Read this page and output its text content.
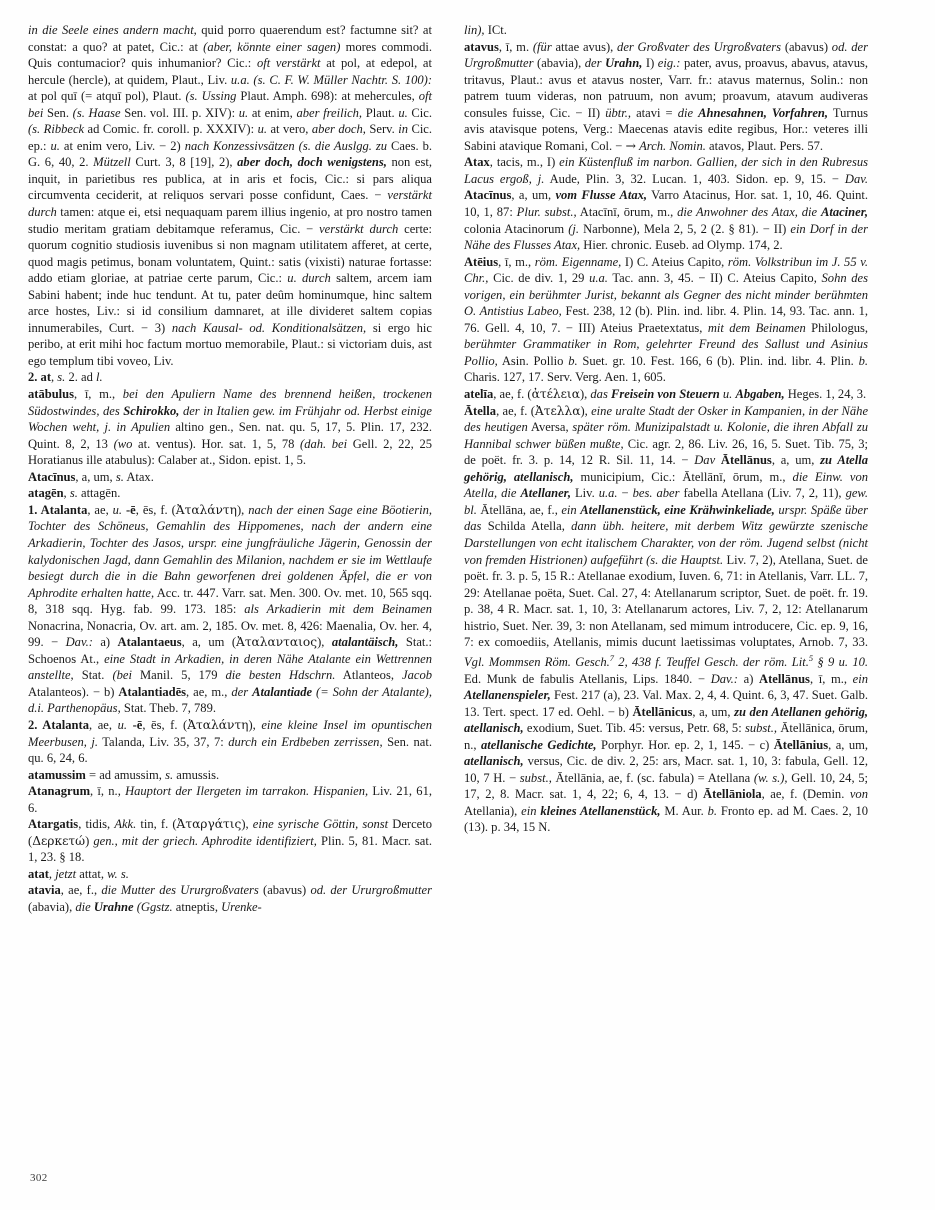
in die Seele eines andern macht, quid porro quaerendum est? factumne sit? at constat: a quo? at patet, Cic.: at (aber, könnte einer sagen) mores commodi. Quis contumacior? quis inhumanior? Cic.: oft verstärkt at pol, at edepol, at hercule (hercle), at quidem, Plaut., Liv. u.a. (s. C. F. W. Müller Nachtr. S. 100): at pol quī (= atquī pol), Plaut. (s. Ussing Plaut. Amph. 698): at mehercules, oft bei Sen. (s. Haase Sen. vol. III. p. XIV): u. at enim, aber freilich, Plaut. u. Cic. (s. Ribbeck ad Comic. fr. coroll. p. XXXIV): u. at vero, aber doch, Serv. in Cic. ep.: u. at enim vero, Liv. − 2) nach Konzessivsätzen (s. die Auslgg. zu Caes. b. G. 6, 40, 2. Mützell Curt. 3, 8 [19], 2), aber doch, doch wenigstens, non est, inquit, in parietibus res publica, at in aris et focis, Cic.: si pars aliqua circumventa ceciderit, at reliquos servari posse confidunt, Caes. − verstärkt durch tamen: atque ei, etsi nequaquam parem illius ingenio, at pro nostro tamen studio meritam gratiam debitamque referamus, Cic. − verstärkt durch certe: quorum cognitio studiosis iuvenibus si non magnam utilitatem afferet, at certe, quod magis petimus, bonam voluntatem, Quint.: satis (vixisti) naturae fortasse: addo etiam gloriae, at patriae certe parum, Cic.: u. durch saltem, arcem iam Sabini habent; inde huc tendunt. At tu, pater deûm hominumque, hinc saltem arce hostes, Liv.: si id consilium damnaret, at ille divideret saltem copias innumerabiles, Curt. − 3) nach Kausal- od. Konditionalsätzen, si ergo hic peribo, at erit mihi hoc factum mortuo memorabile, Plaut.: si victoriam duis, ast ego templum tibi voveo, Liv.

2. at, s. 2. ad l.

atābulus, ī, m., bei den Apuliern Name des brennend heißen, trockenen Südostwindes, des Schirokko, der in Italien gew. im Frühjahr od. Herbst einige Wochen weht, j. in Apulien altino gen., Sen. nat. qu. 5, 17, 5. Plin. 17, 232. Quint. 8, 2, 13 (wo at. ventus). Hor. sat. 1, 5, 78 (dah. bei Gell. 2, 22, 25 Horatianus ille atabulus): Calaber at., Sidon. epist. 1, 5.

Atacīnus, a, um, s. Atax.

atagēn, s. attagēn.

1. Atalanta, ae, u. -ē, ēs, f. (Ἀταλάντη), nach der einen Sage eine Böotierin, Tochter des Schöneus, Gemahlin des Hippomenes, nach der andern eine Arkadierin, Tochter des Jasos, urspr. eine jungfräuliche Jägerin, Genossin der kalydonischen Jagd, dann Gemahlin des Milanion, nachdem er sie im Wettlaufe besiegt durch die in die Bahn geworfenen drei goldenen Äpfel, die er von Aphrodite erhalten hatte, Acc. tr. 447. Varr. sat. Men. 300. Ov. met. 10, 565 sqq. 8, 318 sqq. Hyg. fab. 99. 173. 185: als Arkadierin mit dem Beinamen Nonacrina, Nonacria, Ov. art. am. 2, 185. Ov. met. 8, 426: Maenalia, Ov. her. 4, 99. − Dav.: a) Atalantaeus, a, um (Ἀταλανταιος), atalantäisch, Stat.: Schoenos At., eine Stadt in Arkadien, in deren Nähe Atalante ein Wettrennen anstellte, Stat. (bei Manil. 5, 179 die besten Hdschrn. Atlanteos, Jacob Atalanteos). − b) Atalantiadēs, ae, m., der Atalantiade (= Sohn der Atalante), d.i. Parthenopäus, Stat. Theb. 7, 789.

2. Atalanta, ae, u. -ē, ēs, f. (Ἀταλάντη), eine kleine Insel im opuntischen Meerbusen, j. Talanda, Liv. 35, 37, 7: durch ein Erdbeben zerrissen, Sen. nat. qu. 6, 24, 6.

atamussim = ad amussim, s. amussis.

Atanagrum, ī, n., Hauptort der Ilergeten im tarrakon. Hispanien, Liv. 21, 61, 6.

Atargatis, tidis, Akk. tin, f. (Ἀταργάτις), eine syrische Göttin, sonst Derceto (Δερκετώ) gen., mit der griech. Aphrodite identifiziert, Plin. 5, 81. Macr. sat. 1, 23. § 18.

atat, jetzt attat, w. s.

atavia, ae, f., die Mutter des Ururgroßvaters (abavus) od. der Ururgroßmutter (abavia), die Urahne (Ggstz. atneptis, Urenke-

lin), ICt.

atavus, ī, m. (für attae avus), der Großvater des Urgroßvaters (abavus) od. der Urgroßmutter (abavia), der Urahn, I) eig.: pater, avus, proavus, abavus, atavus, tritavus, Plaut.: avus et atavus noster, Varr. fr.: atavus maternus, Solin.: non patrem tuum videras, non patruum, non avum; proavum, atavum audiveras consules fuisse, Cic. − II) übtr., atavi = die Ahnesahnen, Vorfahren, Turnus avis atavisque potens, Verg.: Maecenas atavis edite regibus, Hor.: veteres illi Sabini atavique Romani, Col. − → Arch. Nomin. atavos, Plaut. Pers. 57.

Atax, tacis, m., I) ein Küstenfluß im narbon. Gallien, der sich in den Rubresus Lacus ergoß, j. Aude, Plin. 3, 32. Lucan. 1, 403. Sidon. ep. 9, 15. − Dav. Atacīnus, a, um, vom Flusse Atax, Varro Atacinus, Hor. sat. 1, 10, 46. Quint. 10, 1, 87: Plur. subst., Atacīnī, ōrum, m., die Anwohner des Atax, die Ataciner, colonia Atacinorum (j. Narbonne), Mela 2, 5, 2 (2. § 81). − II) ein Dorf in der Nähe des Flusses Atax, Hier. chronic. Euseb. ad Olymp. 174, 2.

Atēius, ī, m., röm. Eigenname, I) C. Ateius Capito, röm. Volkstribun im J. 55 v. Chr., Cic. de div. 1, 29 u.a. Tac. ann. 3, 45. − II) C. Ateius Capito, Sohn des vorigen, ein berühmter Jurist, bekannt als Gegner des nicht minder berühmten O. Antistius Labeo, Fest. 238, 12 (b). Plin. ind. libr. 4. Plin. 14, 93. Tac. ann. 1, 76. Gell. 4, 10, 7. − III) Ateius Praetextatus, mit dem Beinamen Philologus, berühmter Grammatiker in Rom, gelehrter Freund des Sallust und Asinius Pollio, Asin. Pollio b. Suet. gr. 10. Fest. 166, 6 (b). Plin. ind. libr. 4. Plin. b. Charis. 127, 17. Serv. Verg. Aen. 1, 605.

atelīa, ae, f. (ἀτέλεια), das Freisein von Steuern u. Abgaben, Heges. 1, 24, 3.

Ātella, ae, f. (Ἀτελλα), eine uralte Stadt der Osker in Kampanien, in der Nähe des heutigen Aversa, später röm. Munizipalstadt u. Kolonie, die ihren Abfall zu Hannibal schwer büßen mußte, Cic. agr. 2, 86. Liv. 26, 16, 5. Suet. Tib. 75, 3; de poët. fr. 3. p. 14, 12 R. Sil. 11, 14. − Dav Ātellānus, a, um, zu Atella gehörig, atellanisch, municipium, Cic.: Ātellānī, ōrum, m., die Einw. von Atella, die Atellaner, Liv. u.a. − bes. aber fabella Atellana (Liv. 7, 2, 11), gew. bl. Ātellāna, ae, f., ein Atellanenstück, eine Krähwinkeliade, urspr. Späße über das Schilda Atella, dann übh. heitere, mit derbem Witz gewürzte szenische Darstellungen von echt italischem Charakter, von der röm. Jugend selbst (nicht von fremden Histrionen) aufgeführt (s. die Hauptst. Liv. 7, 2), Atellana, Suet. de poët. fr. 3. p. 5, 15 R.: Atellanae exodium, Iuven. 6, 71: in Atellanis, Varr. LL. 7, 29: Atellanae poëta, Suet. Cal. 27, 4: Atellanarum scriptor, Suet. de poët. fr. 19. p. 38, 4 R. Macr. sat. 1, 10, 3: Atellanarum actores, Liv. 7, 2, 12: Atellanarum histrio, Suet. Ner. 39, 3: non Atellanam, sed mimum introducere, Cic. ep. 9, 16, 7: ex comoediis, Atellanis, mimis ducunt laetissimas voluptates, Arnob. 7, 33. Vgl. Mommsen Röm. Gesch.$^7$ 2, 438 f. Teuffel Gesch. der röm. Lit.$^5$ § 9 u. 10. Ed. Munk de fabulis Atellanis, Lips. 1840. − Dav.: a) Atellānus, ī, m., ein Atellanenspieler, Fest. 217 (a), 23. Val. Max. 2, 4, 4. Quint. 6, 3, 47. Suet. Galb. 13. Tert. spect. 17 ed. Oehl. − b) Ātellānicus, a, um, zu den Atellanen gehörig, atellanisch, exodium, Suet. Tib. 45: versus, Petr. 68, 5: subst., Ātellānica, ōrum, n., atellanische Gedichte, Porphyr. Hor. ep. 2, 1, 145. − c) Ātellānius, a, um, atellanisch, versus, Cic. de div. 2, 25: ars, Macr. sat. 1, 10, 3: fabula, Gell. 12, 10, 7 H. − subst., Ātellānia, ae, f. (sc. fabula) = Atellana (w. s.), Gell. 10, 24, 5; 17, 2, 8. Macr. sat. 1, 4, 22; 6, 4, 13. − d) Ātellāniola, ae, f. (Demin. von Atellania), ein kleines Atellanenstück, M. Aur. b. Fronto ep. ad M. Caes. 2, 10 (13). p. 34, 15 N.

302
